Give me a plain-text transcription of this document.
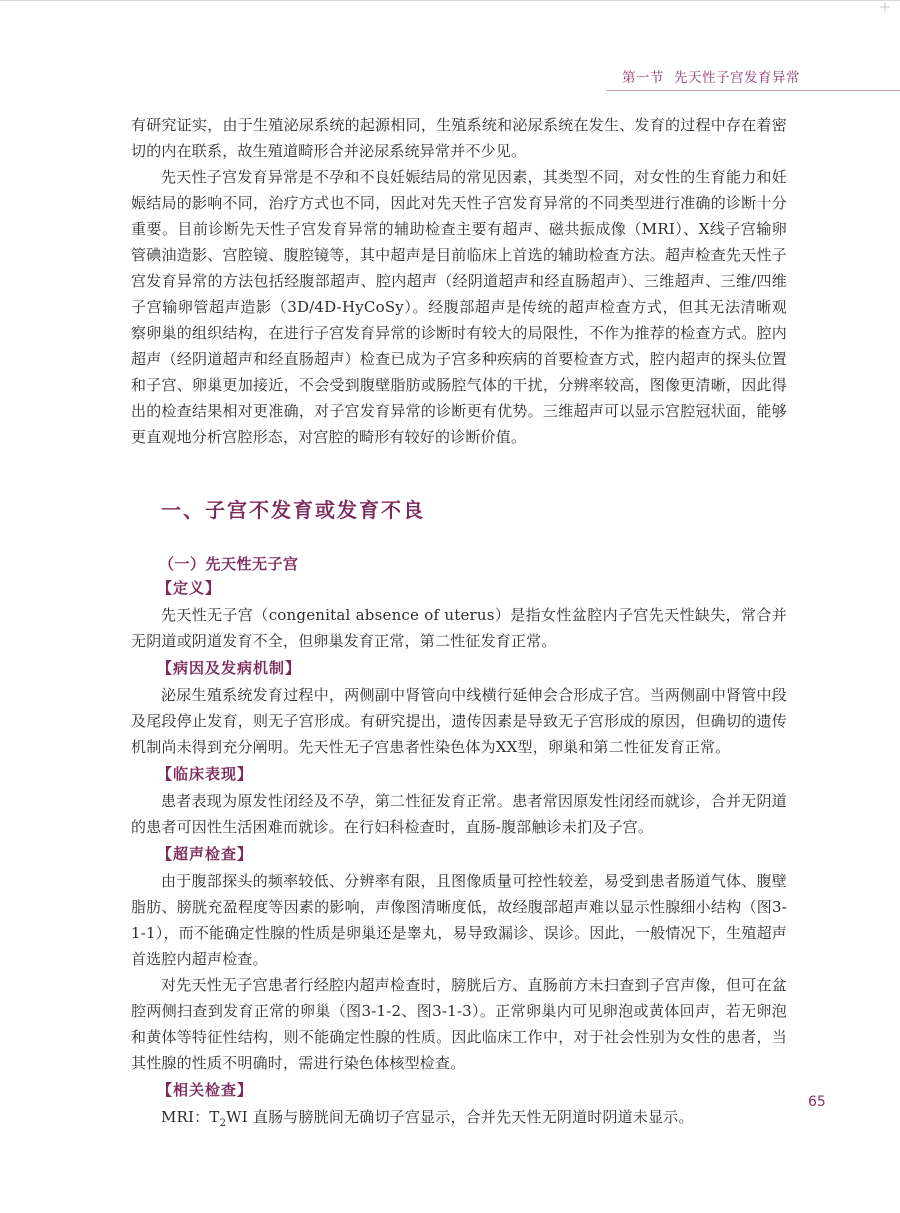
第一节 先天性子宫发育异常

有研究证实，由于生殖泌尿系统的起源相同，生殖系统和泌尿系统在发生、发育的过程中存在着密切的内在联系，故生殖道畸形合并泌尿系统异常并不少见。

先天性子宫发育异常是不孕和不良妊娠结局的常见因素，其类型不同，对女性的生育能力和妊娠结局的影响不同，治疗方式也不同，因此对先天性子宫发育异常的不同类型进行准确的诊断十分重要。目前诊断先天性子宫发育异常的辅助检查主要有超声、磁共振成像（MRI）、X线子宫输卵管碘油造影、宫腔镜、腹腔镜等，其中超声是目前临床上首选的辅助检查方法。超声检查先天性子宫发育异常的方法包括经腹部超声、腔内超声（经阴道超声和经直肠超声）、三维超声、三维/四维子宫输卵管超声造影（3D/4D-HyCoSy）。经腹部超声是传统的超声检查方式，但其无法清晰观察卵巢的组织结构，在进行子宫发育异常的诊断时有较大的局限性，不作为推荐的检查方式。腔内超声（经阴道超声和经直肠超声）检查已成为子宫多种疾病的首要检查方式，腔内超声的探头位置和子宫、卵巢更加接近，不会受到腹壁脂肪或肠腔气体的干扰，分辨率较高，图像更清晰，因此得出的检查结果相对更准确，对子宫发育异常的诊断更有优势。三维超声可以显示宫腔冠状面，能够更直观地分析宫腔形态，对宫腔的畸形有较好的诊断价值。

一、子宫不发育或发育不良
（一）先天性无子宫
【定义】

先天性无子宫（congenital absence of uterus）是指女性盆腔内子宫先天性缺失，常合并无阴道或阴道发育不全，但卵巢发育正常，第二性征发育正常。

【病因及发病机制】

泌尿生殖系统发育过程中，两侧副中肾管向中线横行延伸会合形成子宫。当两侧副中肾管中段及尾段停止发育，则无子宫形成。有研究提出，遗传因素是导致无子宫形成的原因，但确切的遗传机制尚未得到充分阐明。先天性无子宫患者性染色体为XX型，卵巢和第二性征发育正常。

【临床表现】

患者表现为原发性闭经及不孕，第二性征发育正常。患者常因原发性闭经而就诊，合并无阴道的患者可因性生活困难而就诊。在行妇科检查时，直肠-腹部触诊未扪及子宫。

【超声检查】

由于腹部探头的频率较低、分辨率有限，且图像质量可控性较差，易受到患者肠道气体、腹壁脂肪、膀胱充盈程度等因素的影响，声像图清晰度低，故经腹部超声难以显示性腺细小结构（图3-1-1），而不能确定性腺的性质是卵巢还是睾丸，易导致漏诊、误诊。因此，一般情况下，生殖超声首选腔内超声检查。

对先天性无子宫患者行经腔内超声检查时，膀胱后方、直肠前方未扫查到子宫声像，但可在盆腔两侧扫查到发育正常的卵巢（图3-1-2、图3-1-3）。正常卵巢内可见卵泡或黄体回声，若无卵泡和黄体等特征性结构，则不能确定性腺的性质。因此临床工作中，对于社会性别为女性的患者，当其性腺的性质不明确时，需进行染色体核型检查。

【相关检查】

MRI：$T_2WI$ 直肠与膀胱间无确切子宫显示，合并先天性无阴道时阴道未显示。

65
